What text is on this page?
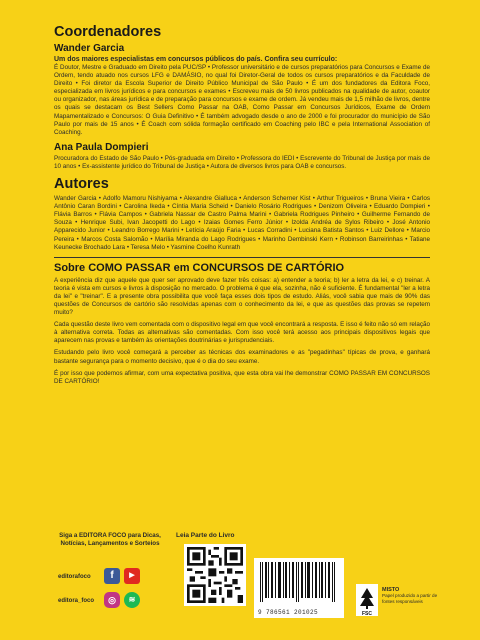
Coordenadores
Wander Garcia
Um dos maiores especialistas em concursos públicos do país. Confira seu currículo:

É Doutor, Mestre e Graduado em Direito pela PUC/SP • Professor universitário e de cursos preparatórios para Concursos e Exame de Ordem, tendo atuado nos cursos LFG e DAMÁSIO, no qual foi Diretor-Geral de todos os cursos preparatórios e da Faculdade de Direito • Foi diretor da Escola Superior de Direito Público Municipal de São Paulo • É um dos fundadores da Editora Foco, especializada em livros jurídicos e para concursos e exames • Escreveu mais de 50 livros publicados na qualidade de autor, coautor ou organizador, nas áreas jurídica e de preparação para concursos e exame de ordem. Já vendeu mais de 1,5 milhão de livros, dentre os quais se destacam os Best Sellers Como Passar na OAB, Como Passar em Concursos Jurídicos, Exame de Ordem Mapamentalizado e Concursos: O Guia Definitivo • É também advogado desde o ano de 2000 e foi procurador do município de São Paulo por mais de 15 anos • É Coach com sólida formação certificado em Coaching pelo IBC e pela International Association of Coaching.

Ana Paula Dompieri

Procuradora do Estado de São Paulo • Pós-graduada em Direito • Professora do IEDI • Escrevente do Tribunal de Justiça por mais de 10 anos • Ex-assistente jurídico do Tribunal de Justiça • Autora de diversos livros para OAB e concursos.

Autores

Wander Garcia • Adolfo Mamoru Nishiyama • Alexandre Gialluca • Anderson Scherner Kist • Arthur Trigueiros • Bruna Vieira • Carlos Antônio Caran Bordini • Carolina Ikeda • Cíntia Maria Scheid • Danielo Rosário Rodrigues • Denizom Oliveira • Eduardo Dompieri • Flávia Barros • Flávia Campos • Gabriela Nassar de Castro Palma Marini • Gabriela Rodrigues Pinheiro • Guilherme Fernando de Souza • Henrique Subi, Ivan Jacopetti do Lago • Izaias Gomes Ferro Júnior • Izolda Andréa de Sylos Ribeiro • José Antonio Apparecido Junior • Leandro Borrego Marini • Letícia Araújo Faria • Lucas Corradini • Luciana Batista Santos • Luiz Dellore • Marcio Pereira • Marcos Costa Salomão • Marília Miranda do Lago Rodrigues • Marinho Dembinski Kern • Robinson Barreirinhas • Tatiane Keunecke Brochado Lara • Teresa Melo • Yasmine Coelho Kunrath

Sobre COMO PASSAR em CONCURSOS DE CARTÓRIO

A experiência diz que aquele que quer ser aprovado deve fazer três coisas: a) entender a teoria; b) ler a letra da lei, e c) treinar. A teoria é vista em cursos e livros à disposição no mercado. O problema é que ela, sozinha, não é suficiente. É fundamental "ler a letra da lei" e "treinar". E a presente obra possibilita que você faça esses dois tipos de estudo. Aliás, você sabia que mais de 90% das questões de Concursos de cartório são resolvidas apenas com o conhecimento da lei, e que as questões das provas se repetem muito?

Cada questão deste livro vem comentada com o dispositivo legal em que você encontrará a resposta. E isso é feito não só em relação à alternativa correta. Todas as alternativas são comentadas. Com isso você terá acesso aos principais dispositivos legais que aparecem nas provas e também às orientações doutrinárias e jurisprudenciais.

Estudando pelo livro você começará a perceber as técnicas dos examinadores e as "pegadinhas" típicas de prova, e ganhará bastante segurança para o momento decisivo, que é o dia do seu exame.

É por isso que podemos afirmar, com uma expectativa positiva, que esta obra vai lhe demonstrar COMO PASSAR EM CONCURSOS DE CARTÓRIO!

Siga a EDITORA FOCO para Dicas, Notícias, Lançamentos e Sorteios
editorafoco	f	▶
editora_foco	◎	≋
Leia Parte do Livro
9 786561 201025	FSC
MISTO
Papel produzido a partir de fontes responsáveis
